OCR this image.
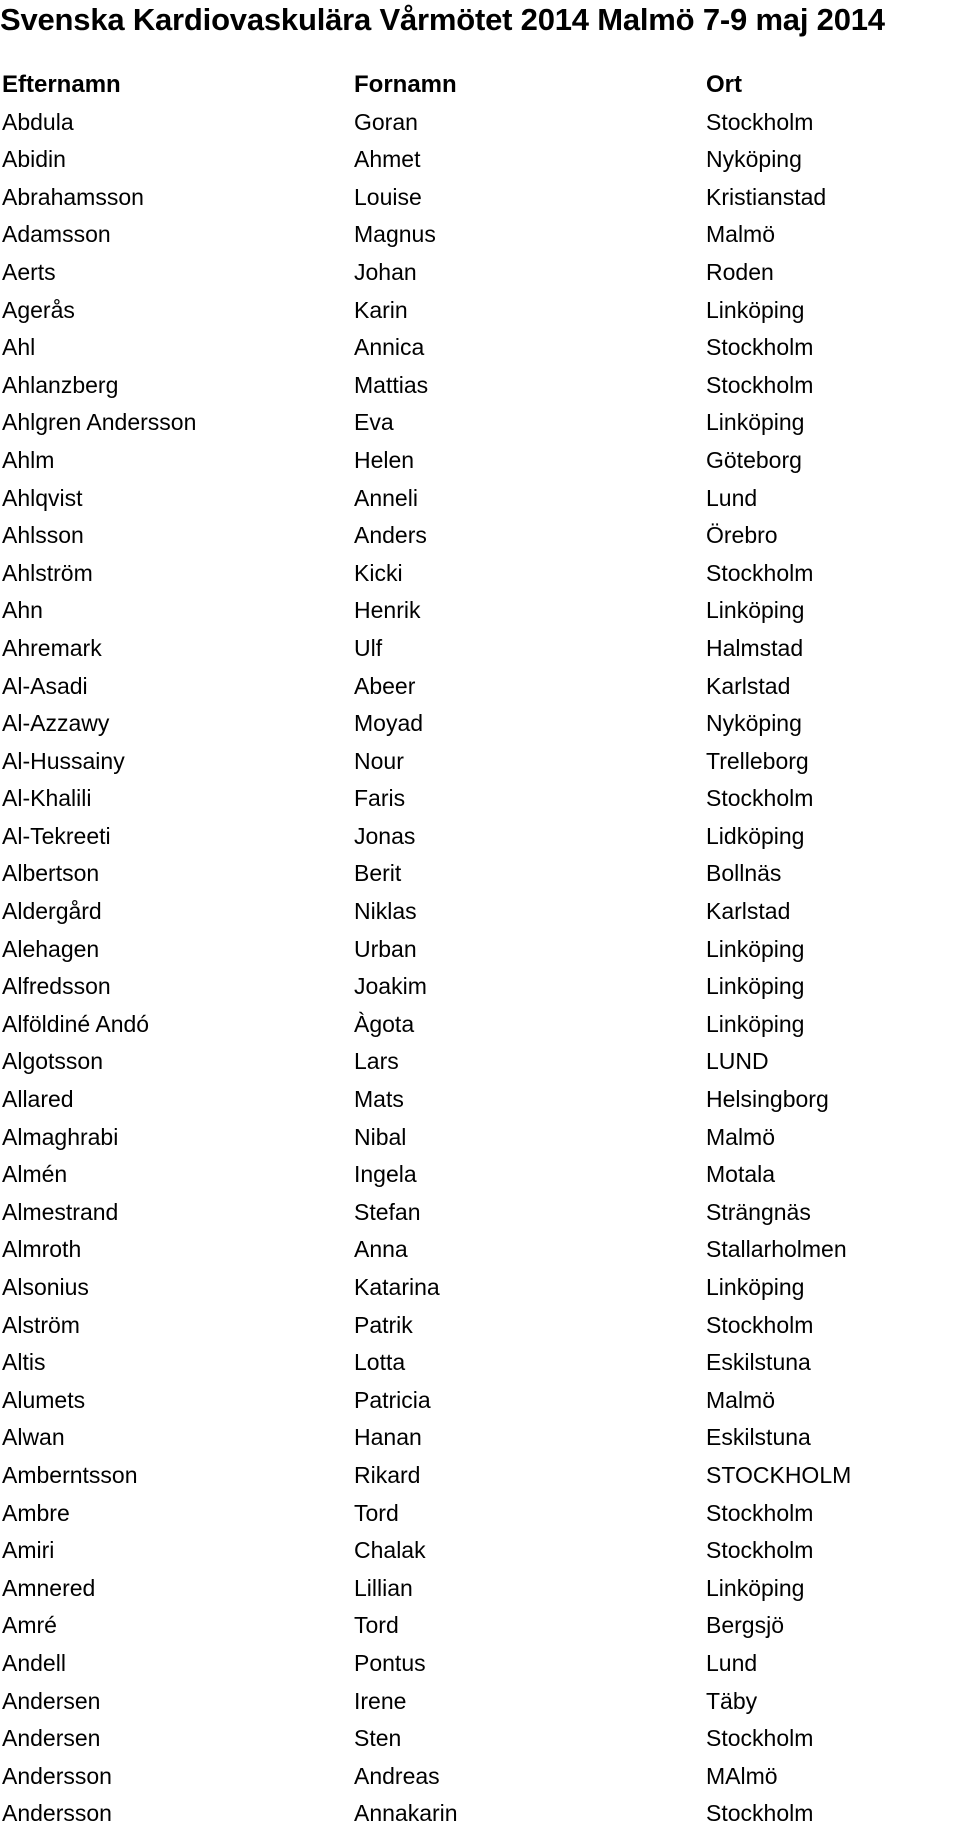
Svenska Kardiovaskulära Vårmötet 2014 Malmö 7-9 maj 2014
Efternamn	Fornamn	Ort
Abdula	Goran	Stockholm
Abidin	Ahmet	Nyköping
Abrahamsson	Louise	Kristianstad
Adamsson	Magnus	Malmö
Aerts	Johan	Roden
Agerås	Karin	Linköping
Ahl	Annica	Stockholm
Ahlanzberg	Mattias	Stockholm
Ahlgren Andersson	Eva	Linköping
Ahlm	Helen	Göteborg
Ahlqvist	Anneli	Lund
Ahlsson	Anders	Örebro
Ahlström	Kicki	Stockholm
Ahn	Henrik	Linköping
Ahremark	Ulf	Halmstad
Al-Asadi	Abeer	Karlstad
Al-Azzawy	Moyad	Nyköping
Al-Hussainy	Nour	Trelleborg
Al-Khalili	Faris	Stockholm
Al-Tekreeti	Jonas	Lidköping
Albertson	Berit	Bollnäs
Aldergård	Niklas	Karlstad
Alehagen	Urban	Linköping
Alfredsson	Joakim	Linköping
Alföldiné Andó	Àgota	Linköping
Algotsson	Lars	LUND
Allared	Mats	Helsingborg
Almaghrabi	Nibal	Malmö
Almén	Ingela	Motala
Almestrand	Stefan	Strängnäs
Almroth	Anna	Stallarholmen
Alsonius	Katarina	Linköping
Alström	Patrik	Stockholm
Altis	Lotta	Eskilstuna
Alumets	Patricia	Malmö
Alwan	Hanan	Eskilstuna
Amberntsson	Rikard	STOCKHOLM
Ambre	Tord	Stockholm
Amiri	Chalak	Stockholm
Amnered	Lillian	Linköping
Amré	Tord	Bergsjö
Andell	Pontus	Lund
Andersen	Irene	Täby
Andersen	Sten	Stockholm
Andersson	Andreas	MAlmö
Andersson	Annakarin	Stockholm
